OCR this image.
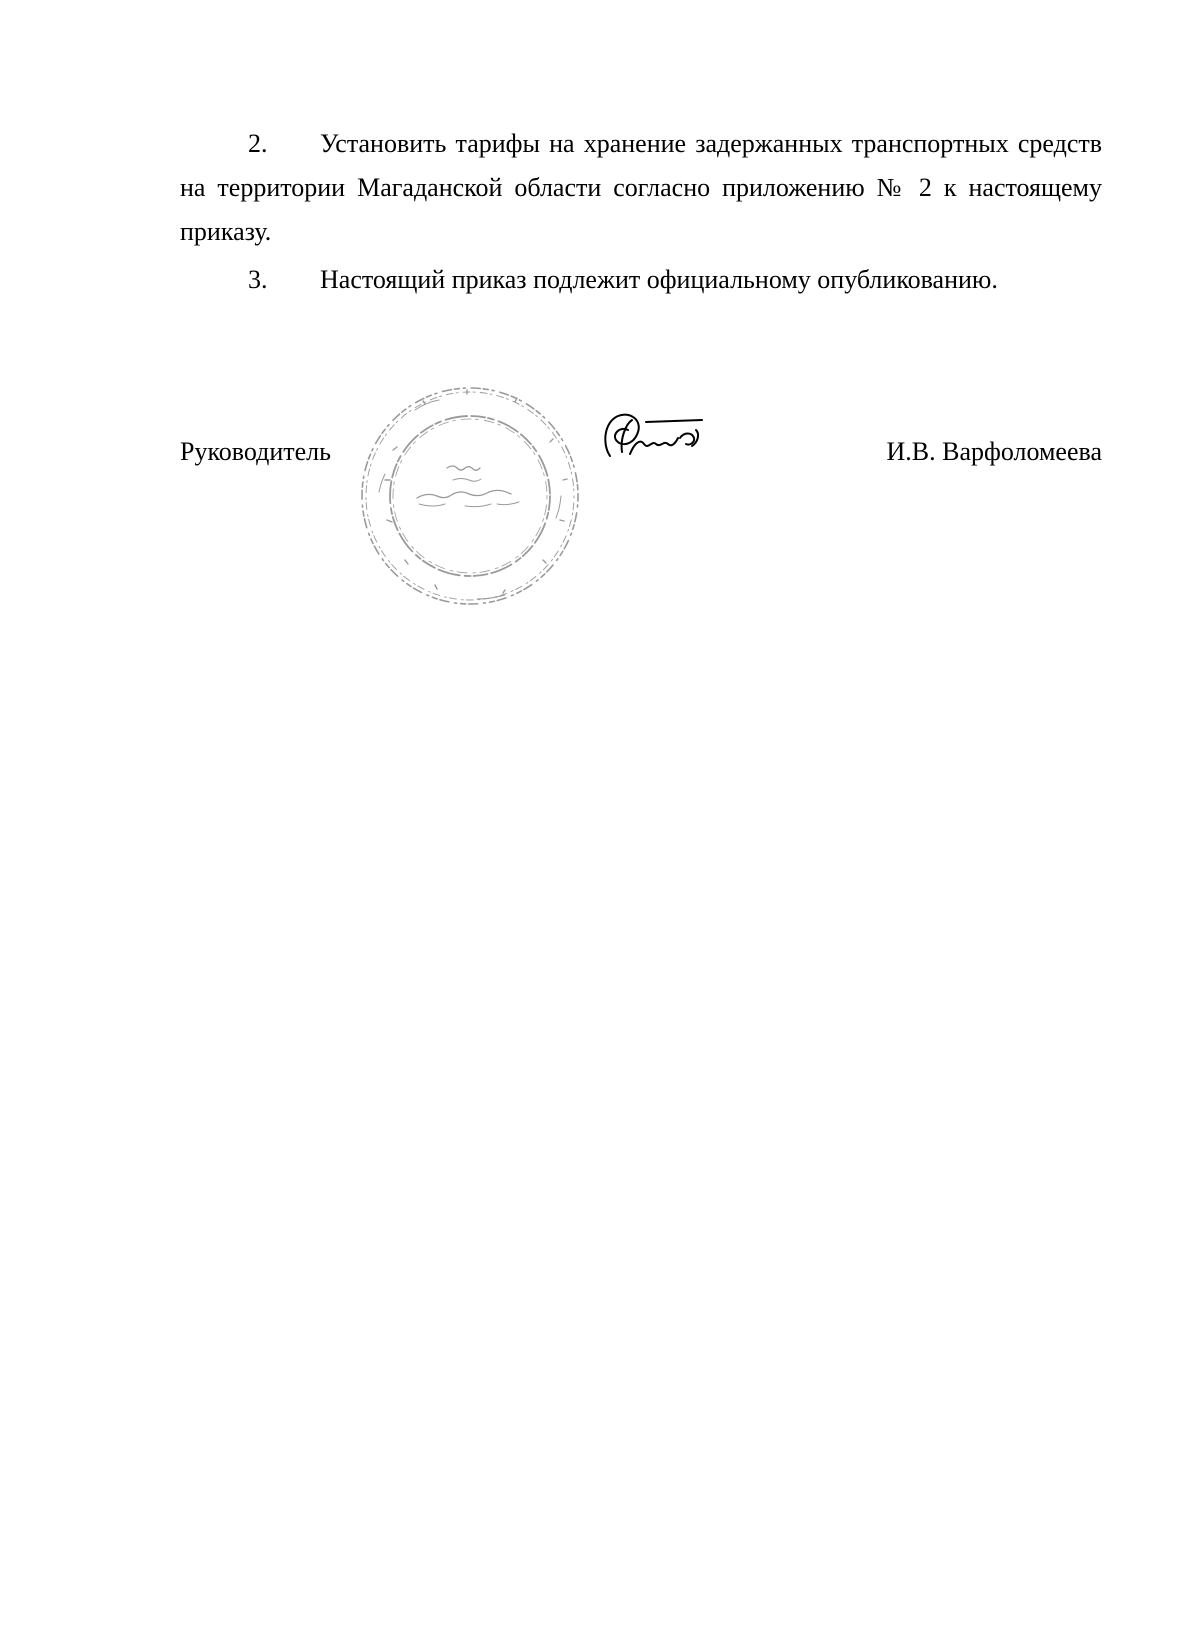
2. Установить тарифы на хранение задержанных транспортных средств на территории Магаданской области согласно приложению № 2 к настоящему приказу.

3. Настоящий приказ подлежит официальному опубликованию.

Руководитель	И.В. Варфоломеева
